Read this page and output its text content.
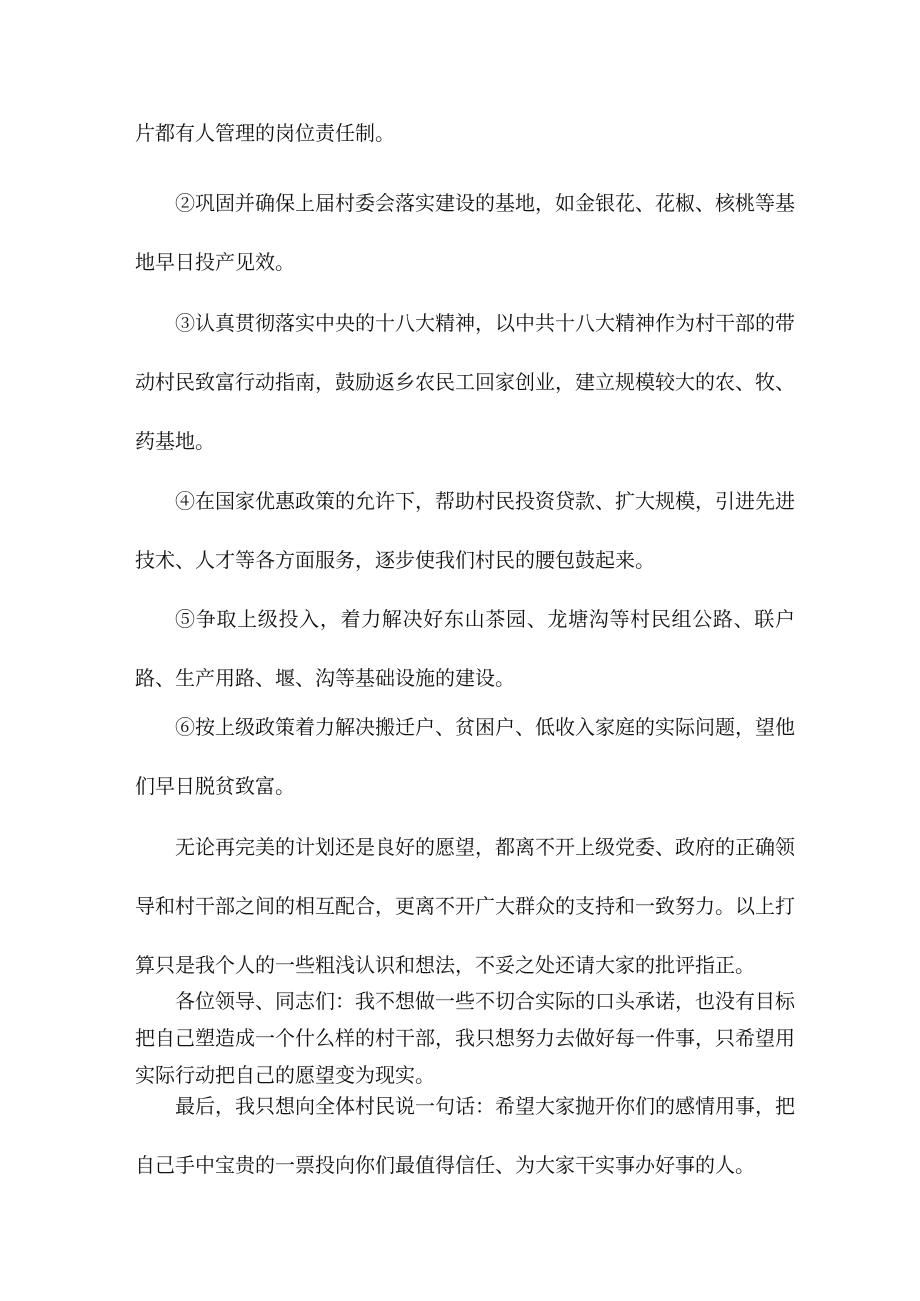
片都有人管理的岗位责任制。

②巩固并确保上届村委会落实建设的基地，如金银花、花椒、核桃等基地早日投产见效。

③认真贯彻落实中央的十八大精神，以中共十八大精神作为村干部的带动村民致富行动指南，鼓励返乡农民工回家创业，建立规模较大的农、牧、药基地。

④在国家优惠政策的允许下，帮助村民投资贷款、扩大规模，引进先进技术、人才等各方面服务，逐步使我们村民的腰包鼓起来。

⑤争取上级投入，着力解决好东山茶园、龙塘沟等村民组公路、联户路、生产用路、堰、沟等基础设施的建设。

⑥按上级政策着力解决搬迁户、贫困户、低收入家庭的实际问题，望他们早日脱贫致富。

无论再完美的计划还是良好的愿望，都离不开上级党委、政府的正确领导和村干部之间的相互配合，更离不开广大群众的支持和一致努力。以上打算只是我个人的一些粗浅认识和想法，不妥之处还请大家的批评指正。

各位领导、同志们：我不想做一些不切合实际的口头承诺，也没有目标把自己塑造成一个什么样的村干部，我只想努力去做好每一件事，只希望用实际行动把自己的愿望变为现实。

最后，我只想向全体村民说一句话：希望大家抛开你们的感情用事，把自己手中宝贵的一票投向你们最值得信任、为大家干实事办好事的人。
